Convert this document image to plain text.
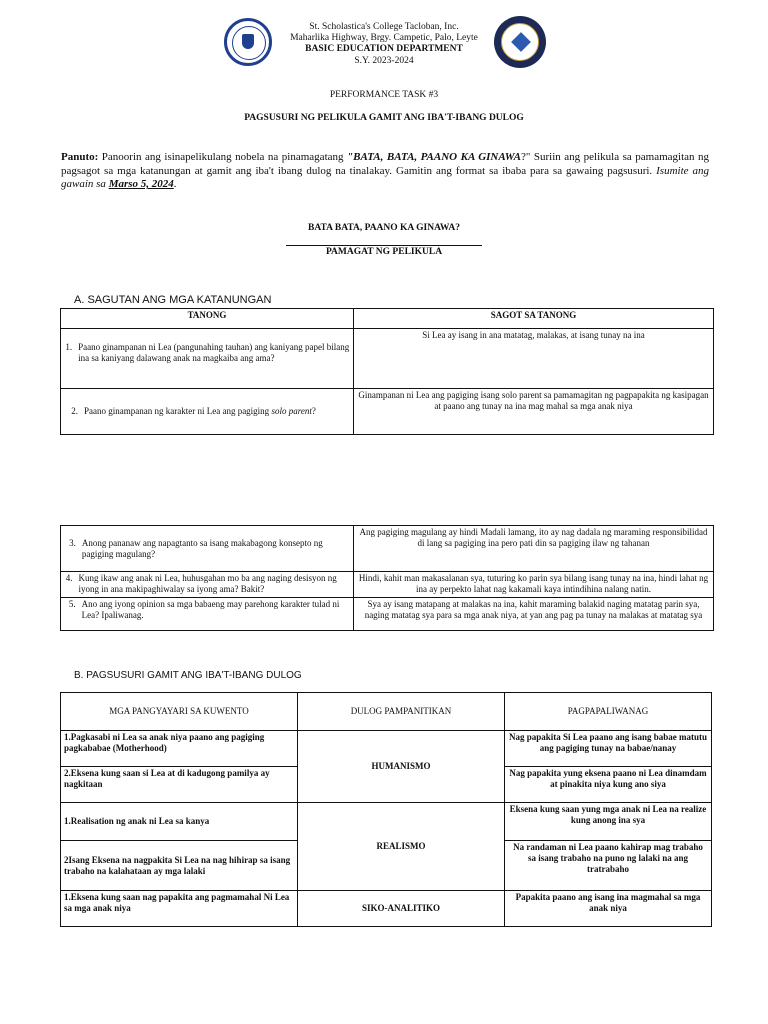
St. Scholastica's College Tacloban, Inc.
Maharlika Highway, Brgy. Campetic, Palo, Leyte
BASIC EDUCATION DEPARTMENT
S.Y. 2023-2024
PERFORMANCE TASK #3
PAGSUSURI NG PELIKULA GAMIT ANG IBA'T-IBANG DULOG
Panuto: Panoorin ang isinapelikulang nobela na pinamagatang "BATA, BATA, PAANO KA GINAWA?" Suriin ang pelikula sa pamamagitan ng pagsagot sa mga katanungan at gamit ang iba't ibang dulog na tinalakay. Gamitin ang format sa ibaba para sa gawaing pagsusuri. Isumite ang gawain sa Marso 5, 2024.
BATA BATA, PAANO KA GINAWA?
PAMAGAT NG PELIKULA
A. SAGUTAN ANG MGA KATANUNGAN
TANONG	SAGOT SA TANONG

1. Paano ginampanan ni Lea (pangunahing tauhan) ang kaniyang papel bilang ina sa kaniyang dalawang anak na magkaiba ang ama?	Si Lea ay isang in ana matatag, malakas, at isang tunay na ina

2. Paano ginampanan ng karakter ni Lea ang pagiging solo parent?	Ginampanan ni Lea ang pagiging isang solo parent sa pamamagitan ng pagpapakita ng kasipagan at paano ang tunay na ina mag mahal sa mga anak niya
3. Anong pananaw ang napagtanto sa isang makabagong konsepto ng pagiging magulang?	Ang pagiging magulang ay hindi Madali lamang, ito ay nag dadala ng maraming responsibilidad di lang sa pagiging ina pero pati din sa pagiging ilaw ng tahanan

4. Kung ikaw ang anak ni Lea, huhusgahan mo ba ang naging desisyon ng iyong in ana makipaghiwalay sa iyong ama? Bakit?	Hindi, kahit man makasalanan sya, tuturing ko parin sya bilang isang tunay na ina, hindi lahat ng ina ay perpekto lahat nag kakamali kaya intindihina nalang natin.

5. Ano ang iyong opinion sa mga babaeng may parehong karakter tulad ni Lea? Ipaliwanag.	Sya ay isang matapang at malakas na ina, kahit maraming balakid naging matatag parin sya, naging matatag sya para sa mga anak niya, at yan ang pag pa tunay na malakas at matatag sya
B. PAGSUSURI GAMIT ANG IBA'T-IBANG DULOG
MGA PANGYAYARI SA KUWENTO	DULOG PAMPANITIKAN	PAGPAPALIWANAG
1.Pagkasabi ni Lea sa anak niya paano ang pagiging pagkababae (Motherhood)	HUMANISMO	Nag papakita Si Lea paano ang isang babae matutu ang pagiging tunay na babae/nanay
2.Eksena kung saan si Lea at di kadugong pamilya ay nagkitaan		Nag papakita yung eksena paano ni Lea dinamdam at pinakita niya kung ano siya
1.Realisation ng anak ni Lea sa kanya	REALISMO	Eksena kung saan yung mga anak ni Lea na realize kung anong ina sya
2Isang Eksena na nagpakita Si Lea na nag hihirap sa isang trabaho na kalahataan ay mga lalaki		Na randaman ni Lea paano kahirap mag trabaho sa isang trabaho na puno ng lalaki na ang tratrabaho
1.Eksena kung saan nag papakita ang pagmamahal Ni Lea sa mga anak niya	SIKO-ANALITIKO	Papakita paano ang isang ina magmahal sa mga anak niya
